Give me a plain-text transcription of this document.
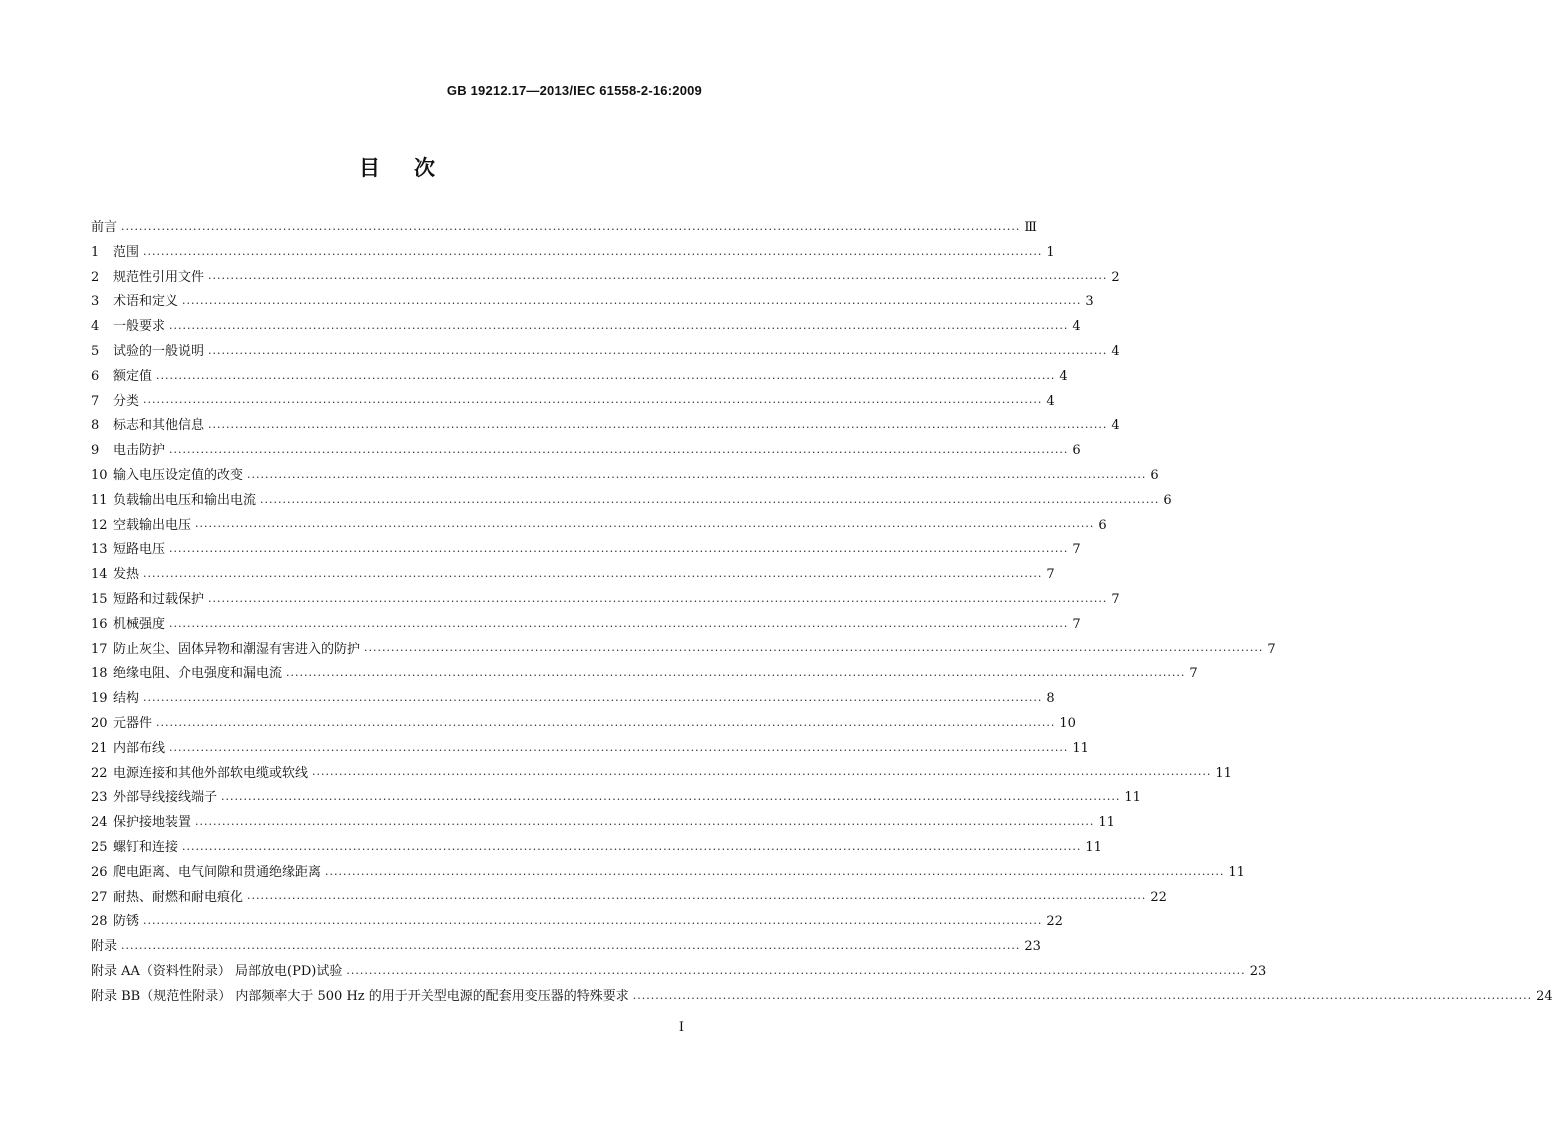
GB 19212.17—2013/IEC 61558-2-16:2009
目次
前言 ········································································································································································································ Ⅲ
1	范围 ········································································································································································································ 1
2	规范性引用文件 ········································································································································································································ 2
3	术语和定义 ········································································································································································································ 3
4	一般要求 ········································································································································································································ 4
5	试验的一般说明 ········································································································································································································ 4
6	额定值 ········································································································································································································ 4
7	分类 ········································································································································································································ 4
8	标志和其他信息 ········································································································································································································ 4
9	电击防护 ········································································································································································································ 6
10 输入电压设定值的改变 ········································································································································································································ 6
11 负载输出电压和输出电流 ········································································································································································································ 6
12 空载输出电压 ········································································································································································································ 6
13 短路电压 ········································································································································································································ 7
14 发热 ········································································································································································································ 7
15 短路和过载保护 ········································································································································································································ 7
16 机械强度 ········································································································································································································ 7
17 防止灰尘、固体异物和潮湿有害进入的防护 ········································································································································································································ 7
18 绝缘电阻、介电强度和漏电流 ········································································································································································································ 7
19 结构 ········································································································································································································ 8
20 元器件 ········································································································································································································ 10
21 内部布线 ········································································································································································································ 11
22 电源连接和其他外部软电缆或软线 ········································································································································································································ 11
23 外部导线接线端子 ········································································································································································································ 11
24 保护接地装置 ········································································································································································································ 11
25 螺钉和连接 ········································································································································································································ 11
26 爬电距离、电气间隙和贯通绝缘距离 ········································································································································································································ 11
27 耐热、耐燃和耐电痕化 ········································································································································································································ 22
28 防锈 ········································································································································································································ 22
附录 ········································································································································································································ 23
附录 AA（资料性附录） 局部放电(PD)试验 ········································································································································································································ 23
附录 BB（规范性附录） 内部频率大于 500 Hz 的用于开关型电源的配套用变压器的特殊要求 ········································································································································································································ 24
I
